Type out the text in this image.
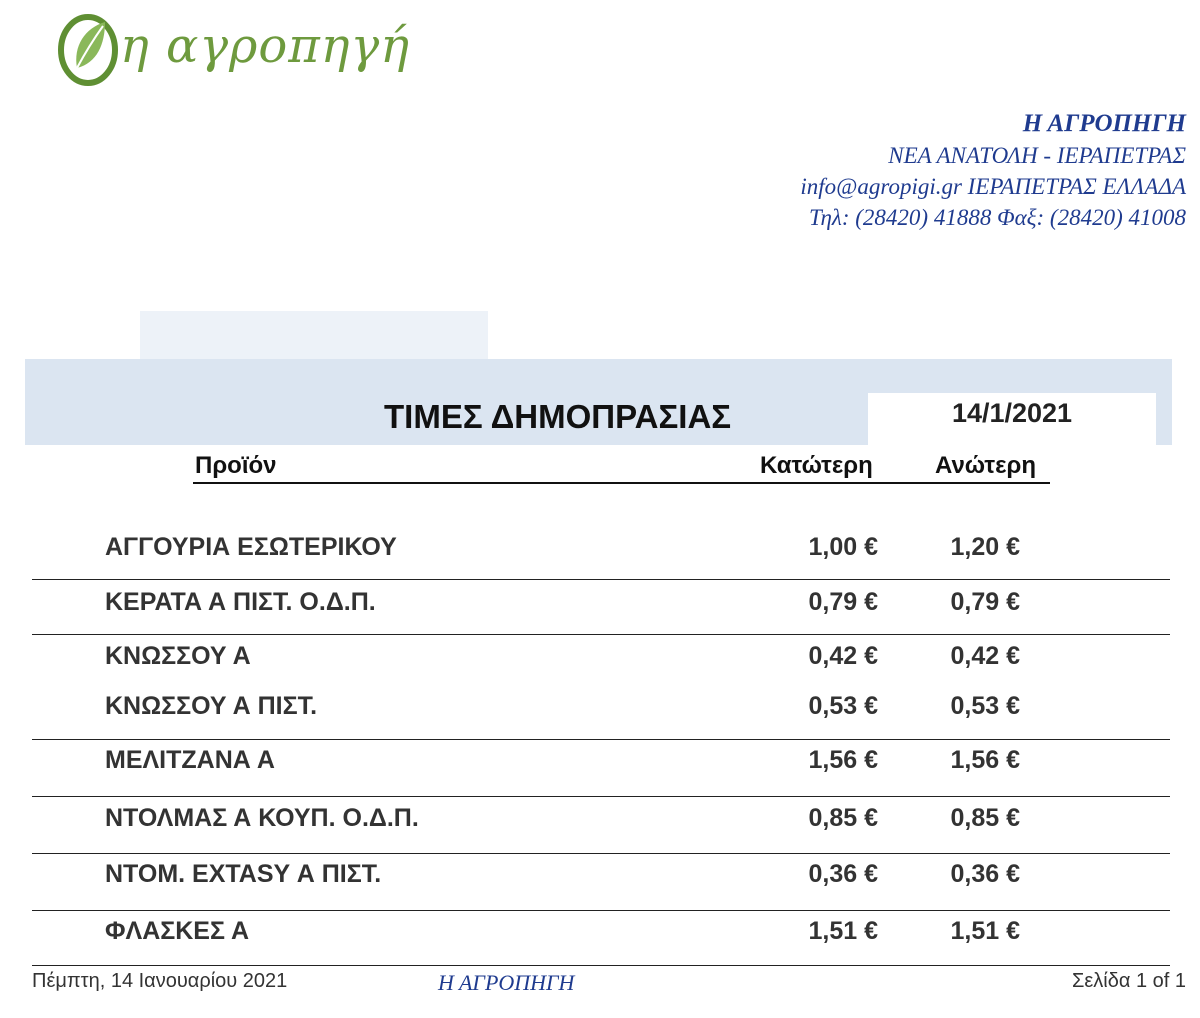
η αγροπηγή
Η ΑΓΡΟΠΗΓΗ
ΝΕΑ ΑΝΑΤΟΛΗ - ΙΕΡΑΠΕΤΡΑΣ
info@agropigi.gr ΙΕΡΑΠΕΤΡΑΣ ΕΛΛΑΔΑ
Τηλ: (28420) 41888 Φαξ: (28420) 41008
ΤΙΜΕΣ ΔΗΜΟΠΡΑΣΙΑΣ	14/1/2021
Προϊόν	Κατώτερη	Ανώτερη
ΑΓΓΟΥΡΙΑ ΕΣΩΤΕΡΙΚΟΥ	1,00 €	1,20 €
ΚΕΡΑΤΑ Α ΠΙΣΤ. Ο.Δ.Π.	0,79 €	0,79 €
ΚΝΩΣΣΟΥ Α	0,42 €	0,42 €
ΚΝΩΣΣΟΥ Α ΠΙΣΤ.	0,53 €	0,53 €
ΜΕΛΙΤΖΑΝΑ Α	1,56 €	1,56 €
ΝΤΟΛΜΑΣ Α ΚΟΥΠ. Ο.Δ.Π.	0,85 €	0,85 €
ΝΤΟΜ. EXTASY Α ΠΙΣΤ.	0,36 €	0,36 €
ΦΛΑΣΚΕΣ Α	1,51 €	1,51 €
Πέμπτη, 14 Ιανουαρίου 2021	Η ΑΓΡΟΠΗΓΗ	Σελίδα 1 of 1
